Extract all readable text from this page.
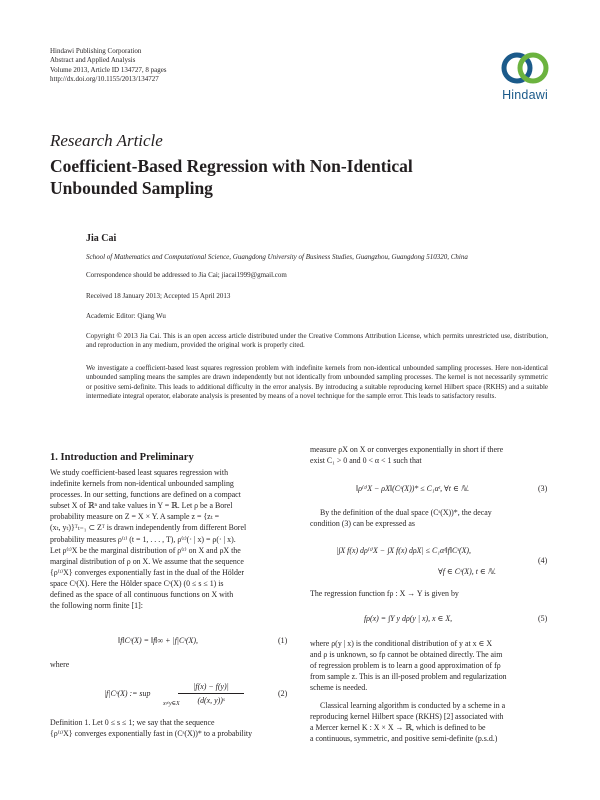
Hindawi Publishing Corporation
Abstract and Applied Analysis
Volume 2013, Article ID 134727, 8 pages
http://dx.doi.org/10.1155/2013/134727
Hindawi
Research Article
Coefficient-Based Regression with Non-Identical
Unbounded Sampling
Jia Cai
School of Mathematics and Computational Science, Guangdong University of Business Studies, Guangzhou, Guangdong 510320, China
Correspondence should be addressed to Jia Cai; jiacai1999@gmail.com
Received 18 January 2013; Accepted 15 April 2013
Academic Editor: Qiang Wu
Copyright © 2013 Jia Cai. This is an open access article distributed under the Creative Commons Attribution License, which permits unrestricted use, distribution, and reproduction in any medium, provided the original work is properly cited.
We investigate a coefficient-based least squares regression problem with indefinite kernels from non-identical unbounded sampling processes. Here non-identical unbounded sampling means the samples are drawn independently but not identically from unbounded sampling processes. The kernel is not necessarily symmetric or positive semi-definite. This leads to additional difficulty in the error analysis. By introducing a suitable reproducing kernel Hilbert space (RKHS) and a suitable intermediate integral operator, elaborate analysis is presented by means of a novel technique for the sample error. This leads to satisfactory results.
1. Introduction and Preliminary
We study coefficient-based least squares regression with
indefinite kernels from non-identical unbounded sampling
processes. In our setting, functions are defined on a compact
subset X of ℝⁿ and take values in Y = ℝ. Let ρ be a Borel
probability measure on Z = X × Y. A sample z = {zₜ =
(xₜ, yₜ)}ᵀₜ₌₁ ⊂ Zᵀ is drawn independently from different Borel
probability measures ρ⁽ᵗ⁾ (t = 1, . . . , T), ρ⁽ᵗ⁾(· | x) = ρ(· | x).
Let ρ⁽ᵗ⁾X be the marginal distribution of ρ⁽ᵗ⁾ on X and ρX the
marginal distribution of ρ on X. We assume that the sequence
{ρ⁽ᵗ⁾X} converges exponentially fast in the dual of the Hölder
space Cˢ(X). Here the Hölder space Cˢ(X) (0 ≤ s ≤ 1) is
defined as the space of all continuous functions on X with
the following norm finite [1]:
‖f‖Cˢ(X) = ‖f‖∞ + |f|Cˢ(X),	(1)
where
|f|Cˢ(X) := sup
x≠y∈X
|f(x) − f(y)|
(d(x, y))ˢ
(2)
Definition 1. Let 0 ≤ s ≤ 1; we say that the sequence
{ρ⁽ᵗ⁾X} converges exponentially fast in (Cˢ(X))* to a probability
measure ρX on X or converges exponentially in short if there
exist C₁ > 0 and 0 < α < 1 such that
‖ρ⁽ᵗ⁾X − ρX‖(Cˢ(X))* ≤ C₁αᵗ, ∀t ∈ ℕ.	(3)
By the definition of the dual space (Cˢ(X))*, the decay
condition (3) can be expressed as
|∫X f(x) dρ⁽ᵗ⁾X − ∫X f(x) dρX| ≤ C₁αᵗ‖f‖Cˢ(X),
∀f ∈ Cˢ(X), t ∈ ℕ.
(4)
The regression function fρ : X → Y is given by
fρ(x) = ∫Y y dρ(y | x), x ∈ X,	(5)
where ρ(y | x) is the conditional distribution of y at x ∈ X
and ρ is unknown, so fρ cannot be obtained directly. The aim
of regression problem is to learn a good approximation of fρ
from sample z. This is an ill-posed problem and regularization
scheme is needed.
Classical learning algorithm is conducted by a scheme in a
reproducing kernel Hilbert space (RKHS) [2] associated with
a Mercer kernel K : X × X → ℝ, which is defined to be
a continuous, symmetric, and positive semi-definite (p.s.d.)
